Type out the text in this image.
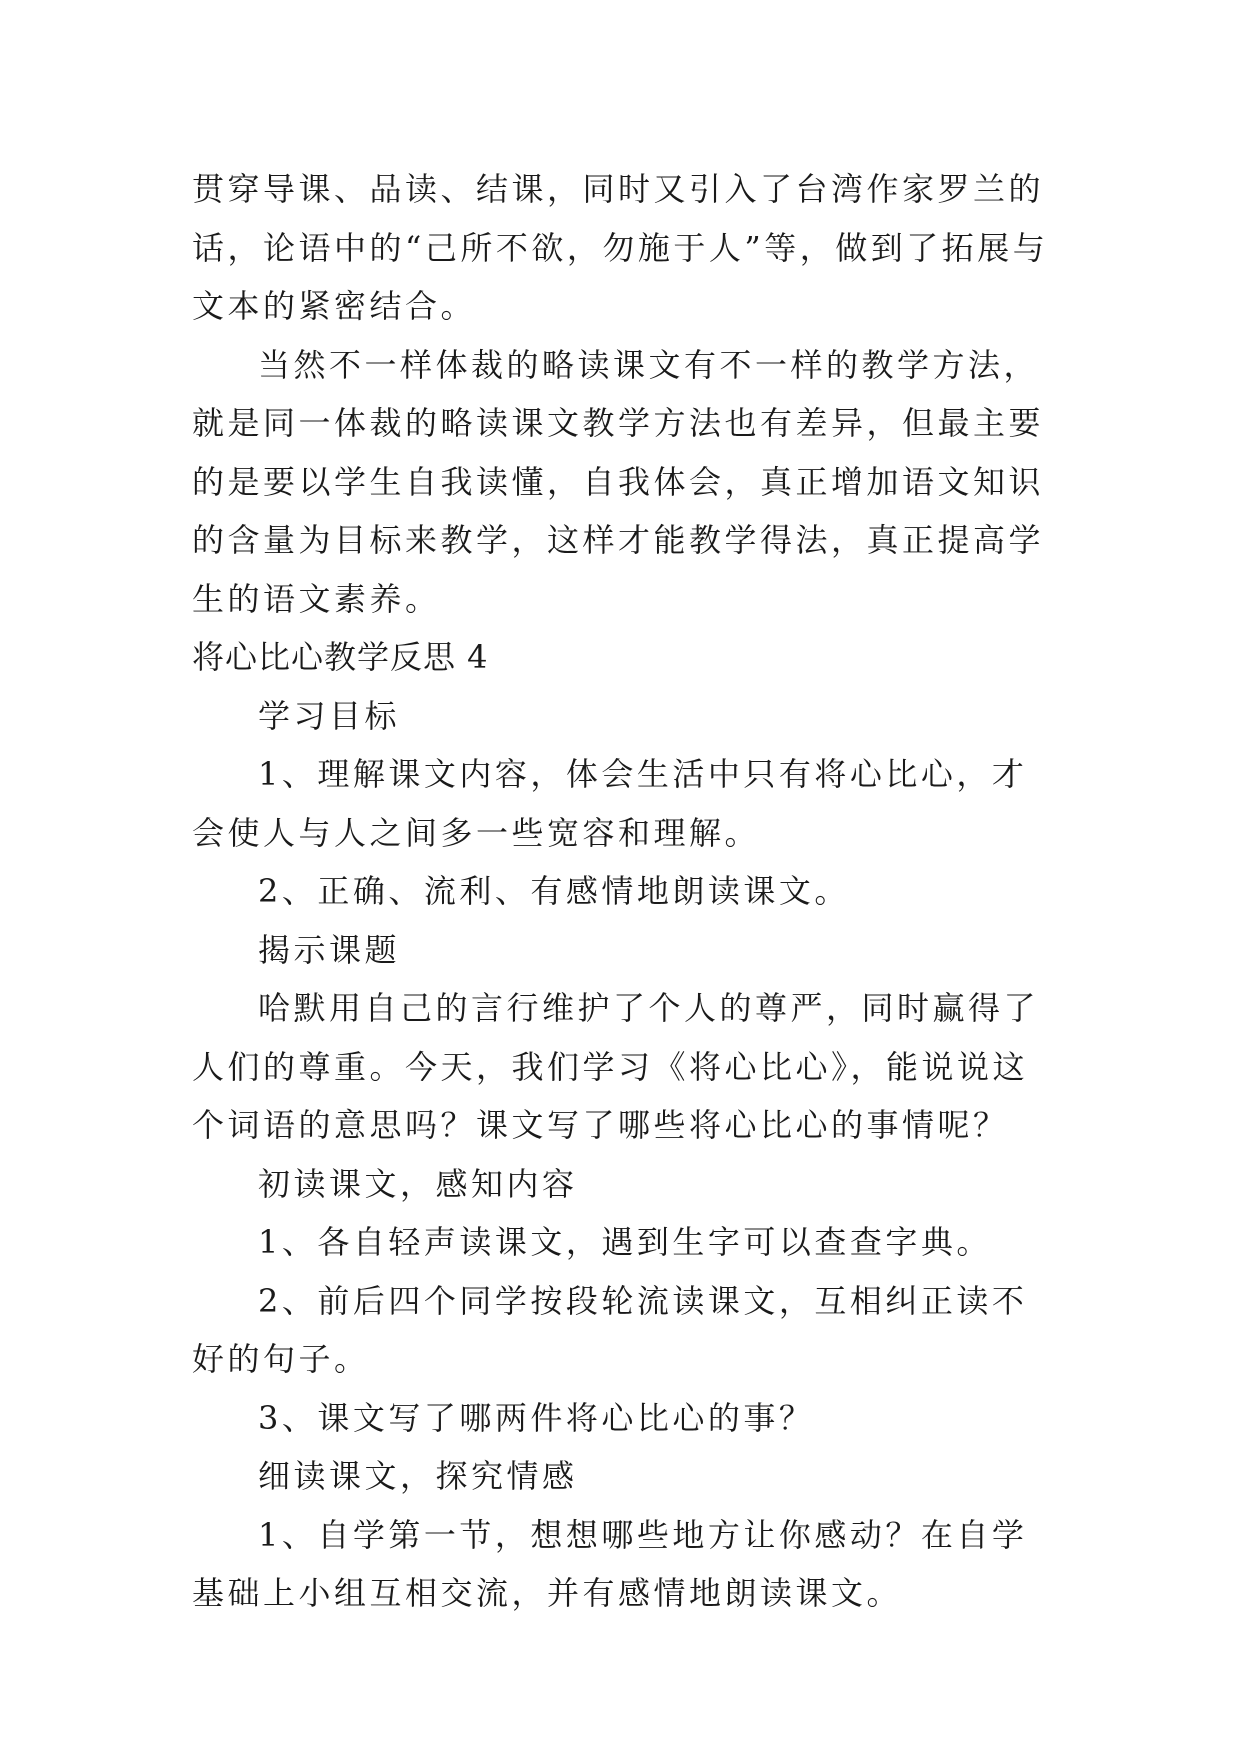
贯穿导课、品读、结课，同时又引入了台湾作家罗兰的话，论语中的“己所不欲，勿施于人”等，做到了拓展与文本的紧密结合。

当然不一样体裁的略读课文有不一样的教学方法，就是同一体裁的略读课文教学方法也有差异，但最主要的是要以学生自我读懂，自我体会，真正增加语文知识的含量为目标来教学，这样才能教学得法，真正提高学生的语文素养。

将心比心教学反思 4

学习目标

1、理解课文内容，体会生活中只有将心比心，才会使人与人之间多一些宽容和理解。

2、正确、流利、有感情地朗读课文。

揭示课题

哈默用自己的言行维护了个人的尊严，同时赢得了人们的尊重。今天，我们学习《将心比心》，能说说这个词语的意思吗？课文写了哪些将心比心的事情呢？

初读课文，感知内容

1、各自轻声读课文，遇到生字可以查查字典。

2、前后四个同学按段轮流读课文，互相纠正读不好的句子。

3、课文写了哪两件将心比心的事？

细读课文，探究情感

1、自学第一节，想想哪些地方让你感动？在自学基础上小组互相交流，并有感情地朗读课文。
